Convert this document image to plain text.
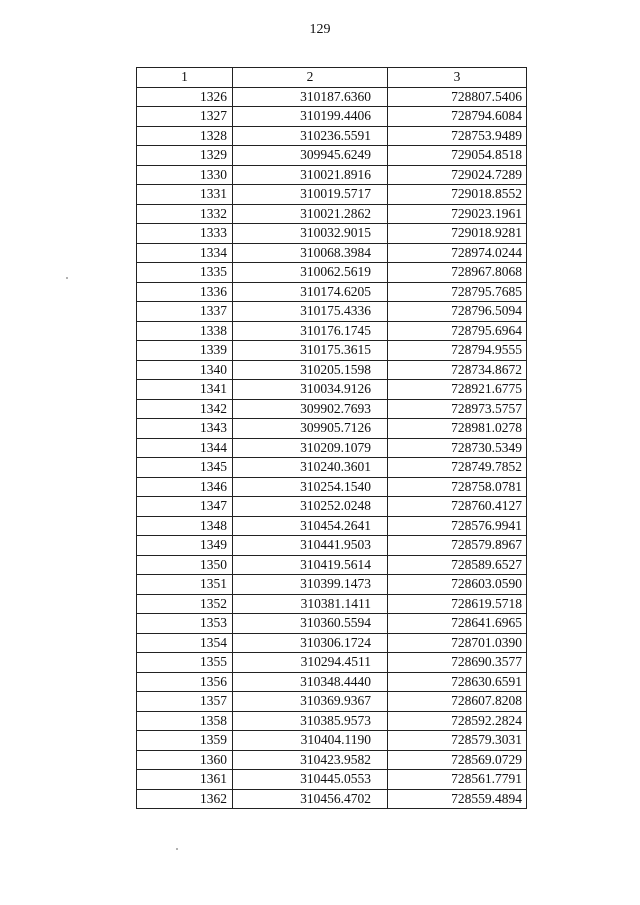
129
1	2	3
1326	310187.6360	728807.5406
1327	310199.4406	728794.6084
1328	310236.5591	728753.9489
1329	309945.6249	729054.8518
1330	310021.8916	729024.7289
1331	310019.5717	729018.8552
1332	310021.2862	729023.1961
1333	310032.9015	729018.9281
1334	310068.3984	728974.0244
1335	310062.5619	728967.8068
1336	310174.6205	728795.7685
1337	310175.4336	728796.5094
1338	310176.1745	728795.6964
1339	310175.3615	728794.9555
1340	310205.1598	728734.8672
1341	310034.9126	728921.6775
1342	309902.7693	728973.5757
1343	309905.7126	728981.0278
1344	310209.1079	728730.5349
1345	310240.3601	728749.7852
1346	310254.1540	728758.0781
1347	310252.0248	728760.4127
1348	310454.2641	728576.9941
1349	310441.9503	728579.8967
1350	310419.5614	728589.6527
1351	310399.1473	728603.0590
1352	310381.1411	728619.5718
1353	310360.5594	728641.6965
1354	310306.1724	728701.0390
1355	310294.4511	728690.3577
1356	310348.4440	728630.6591
1357	310369.9367	728607.8208
1358	310385.9573	728592.2824
1359	310404.1190	728579.3031
1360	310423.9582	728569.0729
1361	310445.0553	728561.7791
1362	310456.4702	728559.4894
